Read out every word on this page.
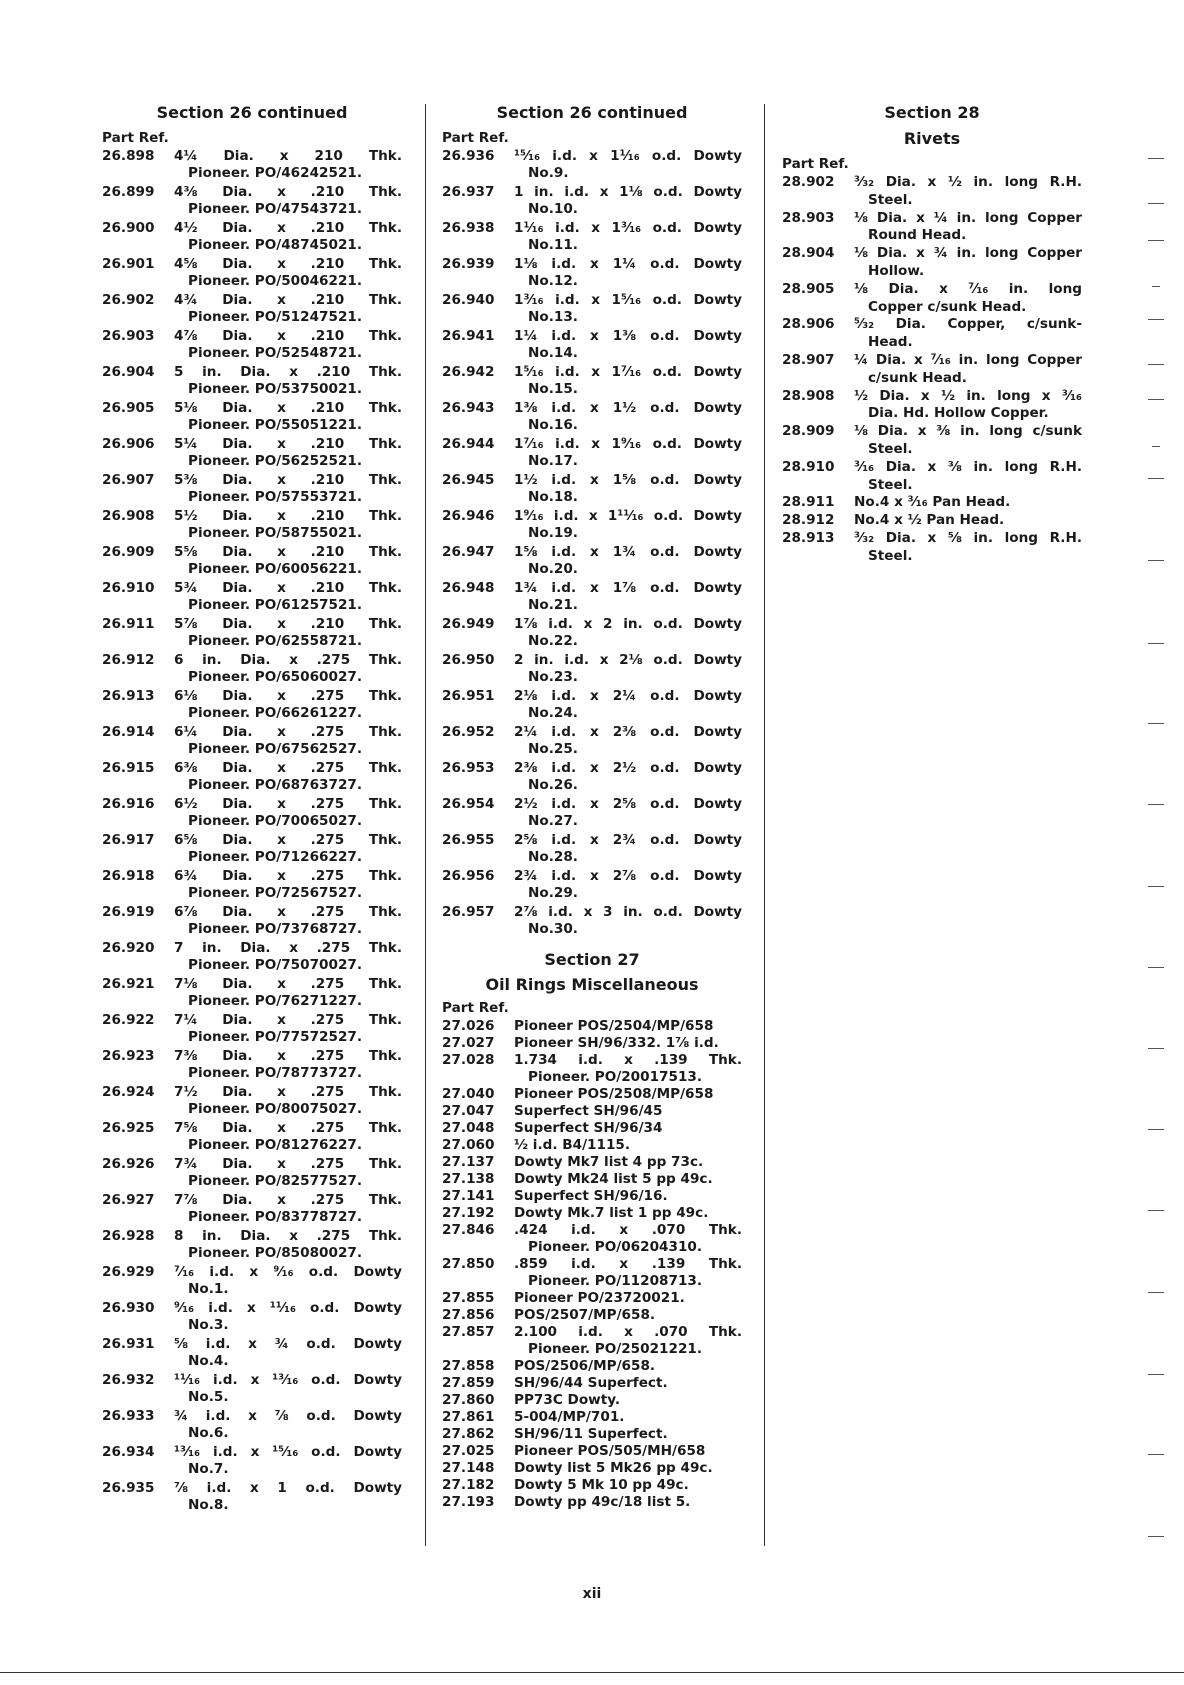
Section 26 continued
Part Ref.
26.898	4¼ Dia. x 210 Thk.
Pioneer. PO/46242521.
26.899	4⅜ Dia. x .210 Thk.
Pioneer. PO/47543721.
26.900	4½ Dia. x .210 Thk.
Pioneer. PO/48745021.
26.901	4⅝ Dia. x .210 Thk.
Pioneer. PO/50046221.
26.902	4¾ Dia. x .210 Thk.
Pioneer. PO/51247521.
26.903	4⅞ Dia. x .210 Thk.
Pioneer. PO/52548721.
26.904	5 in. Dia. x .210 Thk.
Pioneer. PO/53750021.
26.905	5⅛ Dia. x .210 Thk.
Pioneer. PO/55051221.
26.906	5¼ Dia. x .210 Thk.
Pioneer. PO/56252521.
26.907	5⅜ Dia. x .210 Thk.
Pioneer. PO/57553721.
26.908	5½ Dia. x .210 Thk.
Pioneer. PO/58755021.
26.909	5⅝ Dia. x .210 Thk.
Pioneer. PO/60056221.
26.910	5¾ Dia. x .210 Thk.
Pioneer. PO/61257521.
26.911	5⅞ Dia. x .210 Thk.
Pioneer. PO/62558721.
26.912	6 in. Dia. x .275 Thk.
Pioneer. PO/65060027.
26.913	6⅛ Dia. x .275 Thk.
Pioneer. PO/66261227.
26.914	6¼ Dia. x .275 Thk.
Pioneer. PO/67562527.
26.915	6⅜ Dia. x .275 Thk.
Pioneer. PO/68763727.
26.916	6½ Dia. x .275 Thk.
Pioneer. PO/70065027.
26.917	6⅝ Dia. x .275 Thk.
Pioneer. PO/71266227.
26.918	6¾ Dia. x .275 Thk.
Pioneer. PO/72567527.
26.919	6⅞ Dia. x .275 Thk.
Pioneer. PO/73768727.
26.920	7 in. Dia. x .275 Thk.
Pioneer. PO/75070027.
26.921	7⅛ Dia. x .275 Thk.
Pioneer. PO/76271227.
26.922	7¼ Dia. x .275 Thk.
Pioneer. PO/77572527.
26.923	7⅜ Dia. x .275 Thk.
Pioneer. PO/78773727.
26.924	7½ Dia. x .275 Thk.
Pioneer. PO/80075027.
26.925	7⅝ Dia. x .275 Thk.
Pioneer. PO/81276227.
26.926	7¾ Dia. x .275 Thk.
Pioneer. PO/82577527.
26.927	7⅞ Dia. x .275 Thk.
Pioneer. PO/83778727.
26.928	8 in. Dia. x .275 Thk.
Pioneer. PO/85080027.
26.929	⁷⁄₁₆ i.d. x ⁹⁄₁₆ o.d. Dowty
No.1.
26.930	⁹⁄₁₆ i.d. x ¹¹⁄₁₆ o.d. Dowty
No.3.
26.931	⅝ i.d. x ¾ o.d. Dowty
No.4.
26.932	¹¹⁄₁₆ i.d. x ¹³⁄₁₆ o.d. Dowty
No.5.
26.933	¾ i.d. x ⅞ o.d. Dowty
No.6.
26.934	¹³⁄₁₆ i.d. x ¹⁵⁄₁₆ o.d. Dowty
No.7.
26.935	⅞ i.d. x 1 o.d. Dowty
No.8.
Section 26 continued
Part Ref.
26.936	¹⁵⁄₁₆ i.d. x 1¹⁄₁₆ o.d. Dowty
No.9.
26.937	1 in. i.d. x 1⅛ o.d. Dowty
No.10.
26.938	1¹⁄₁₆ i.d. x 1³⁄₁₆ o.d. Dowty
No.11.
26.939	1⅛ i.d. x 1¼ o.d. Dowty
No.12.
26.940	1³⁄₁₆ i.d. x 1⁵⁄₁₆ o.d. Dowty
No.13.
26.941	1¼ i.d. x 1⅜ o.d. Dowty
No.14.
26.942	1⁵⁄₁₆ i.d. x 1⁷⁄₁₆ o.d. Dowty
No.15.
26.943	1⅜ i.d. x 1½ o.d. Dowty
No.16.
26.944	1⁷⁄₁₆ i.d. x 1⁹⁄₁₆ o.d. Dowty
No.17.
26.945	1½ i.d. x 1⅝ o.d. Dowty
No.18.
26.946	1⁹⁄₁₆ i.d. x 1¹¹⁄₁₆ o.d. Dowty
No.19.
26.947	1⅝ i.d. x 1¾ o.d. Dowty
No.20.
26.948	1¾ i.d. x 1⅞ o.d. Dowty
No.21.
26.949	1⅞ i.d. x 2 in. o.d. Dowty
No.22.
26.950	2 in. i.d. x 2⅛ o.d. Dowty
No.23.
26.951	2⅛ i.d. x 2¼ o.d. Dowty
No.24.
26.952	2¼ i.d. x 2⅜ o.d. Dowty
No.25.
26.953	2⅜ i.d. x 2½ o.d. Dowty
No.26.
26.954	2½ i.d. x 2⅝ o.d. Dowty
No.27.
26.955	2⅝ i.d. x 2¾ o.d. Dowty
No.28.
26.956	2¾ i.d. x 2⅞ o.d. Dowty
No.29.
26.957	2⅞ i.d. x 3 in. o.d. Dowty
No.30.
Section 27
Oil Rings Miscellaneous
Part Ref.
27.026	Pioneer POS/2504/MP/658
27.027	Pioneer SH/96/332. 1⅞ i.d.
27.028	1.734 i.d. x .139 Thk.
Pioneer. PO/20017513.
27.040	Pioneer POS/2508/MP/658
27.047	Superfect SH/96/45
27.048	Superfect SH/96/34
27.060	½ i.d. B4/1115.
27.137	Dowty Mk7 list 4 pp 73c.
27.138	Dowty Mk24 list 5 pp 49c.
27.141	Superfect SH/96/16.
27.192	Dowty Mk.7 list 1 pp 49c.
27.846	.424 i.d. x .070 Thk.
Pioneer. PO/06204310.
27.850	.859 i.d. x .139 Thk.
Pioneer. PO/11208713.
27.855	Pioneer PO/23720021.
27.856	POS/2507/MP/658.
27.857	2.100 i.d. x .070 Thk.
Pioneer. PO/25021221.
27.858	POS/2506/MP/658.
27.859	SH/96/44 Superfect.
27.860	PP73C Dowty.
27.861	5-004/MP/701.
27.862	SH/96/11 Superfect.
27.025	Pioneer POS/505/MH/658
27.148	Dowty list 5 Mk26 pp 49c.
27.182	Dowty 5 Mk 10 pp 49c.
27.193	Dowty pp 49c/18 list 5.
Section 28
Rivets
Part Ref.
28.902	³⁄₃₂ Dia. x ½ in. long R.H.
Steel.
28.903	⅛ Dia. x ¼ in. long Copper
Round Head.
28.904	⅛ Dia. x ¾ in. long Copper
Hollow.
28.905	⅛ Dia. x ⁷⁄₁₆ in. long
Copper c/sunk Head.
28.906	⁵⁄₃₂ Dia. Copper, c/sunk-
Head.
28.907	¼ Dia. x ⁷⁄₁₆ in. long Copper
c/sunk Head.
28.908	½ Dia. x ½ in. long x ³⁄₁₆
Dia. Hd. Hollow Copper.
28.909	⅛ Dia. x ⅜ in. long c/sunk
Steel.
28.910	³⁄₁₆ Dia. x ⅜ in. long R.H.
Steel.
28.911	No.4 x ³⁄₁₆ Pan Head.
28.912	No.4 x ½ Pan Head.
28.913	³⁄₃₂ Dia. x ⅝ in. long R.H.
Steel.
xii
